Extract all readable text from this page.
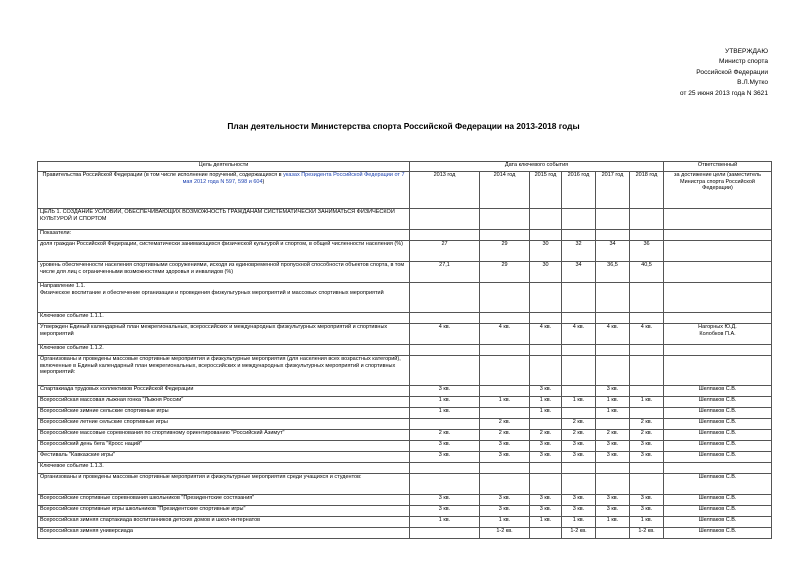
УТВЕРЖДАЮ
Министр спорта
Российской Федерации
В.Л.Мутко
от 25 июня 2013 года N 3621
План деятельности Министерства спорта Российской Федерации на 2013-2018 годы
Цель деятельности	Дата ключевого события						Ответственный
Правительства Российской Федерации (в том числе исполнение поручений, содержащихся в указах Президента Российской Федерации от 7 мая 2012 года N 597, 598 и 604)	2013 год	2014 год	2015 год	2016 год	2017 год	2018 год	за достижение цели (заместитель Министра спорта Российской Федерации)
ЦЕЛЬ 1. СОЗДАНИЕ УСЛОВИЙ, ОБЕСПЕЧИВАЮЩИХ ВОЗМОЖНОСТЬ ГРАЖДАНАМ СИСТЕМАТИЧЕСКИ ЗАНИМАТЬСЯ ФИЗИЧЕСКОЙ КУЛЬТУРОЙ И СПОРТОМ							
Показатели:							
доля граждан Российской Федерации, систематически занимающихся физической культурой и спортом, в общей численности населения (%)	27	29	30	32	34	36	
уровень обеспеченности населения спортивными сооружениями, исходя из единовременной пропускной способности объектов спорта, в том числе для лиц с ограниченными возможностями здоровья и инвалидов (%)	27,1	29	30	34	36,5	40,5	
Направление 1.1.
Физическое воспитание и обеспечение организации и проведения физкультурных мероприятий и массовых спортивных мероприятий							
Ключевое событие 1.1.1.							
Утвержден Единый календарный план межрегиональных, всероссийских и международных физкультурных мероприятий и спортивных мероприятий	4 кв.	4 кв.	4 кв.	4 кв.	4 кв.	4 кв.	Нагорных Ю.Д.
Колобков П.А.
Ключевое событие 1.1.2.							
Организованы и проведены массовые спортивные мероприятия и физкультурные мероприятия (для населения всех возрастных категорий), включенные в Единый календарный план межрегиональных, всероссийских и международных физкультурных мероприятий и спортивных мероприятий:							
Спартакиада трудовых коллективов Российской Федерации	3 кв.		3 кв.		3 кв.		Шелпаков С.В.
Всероссийская массовая лыжная гонка "Лыжня России"	1 кв.	1 кв.	1 кв.	1 кв.	1 кв.	1 кв.	Шелпаков С.В.
Всероссийские зимние сельские спортивные игры	1 кв.		1 кв.		1 кв.		Шелпаков С.В.
Всероссийские летние сельские спортивные игры		2 кв.		2 кв.		2 кв.	Шелпаков С.В.
Всероссийские массовые соревнования по спортивному ориентированию "Российский Азимут"	2 кв.	2 кв.	2 кв.	2 кв.	2 кв.	2 кв.	Шелпаков С.В.
Всероссийский день бега "Кросс наций"	3 кв.	3 кв.	3 кв.	3 кв.	3 кв.	3 кв.	Шелпаков С.В.
Фестиваль "Кавказские игры"	3 кв.	3 кв.	3 кв.	3 кв.	3 кв.	3 кв.	Шелпаков С.В.
Ключевое событие 1.1.3.							
Организованы и проведены массовые спортивные мероприятия и физкультурные мероприятия среди учащихся и студентов:							Шелпаков С.В.
Всероссийские спортивные соревнования школьников "Президентские состязания"	3 кв.	3 кв.	3 кв.	3 кв.	3 кв.	3 кв.	Шелпаков С.В.
Всероссийские спортивные игры школьников "Президентские спортивные игры"	3 кв.	3 кв.	3 кв.	3 кв.	3 кв.	3 кв.	Шелпаков С.В.
Всероссийская зимняя спартакиада воспитанников детских домов и школ-интернатов	1 кв.	1 кв.	1 кв.	1 кв.	1 кв.	1 кв.	Шелпаков С.В.
Всероссийская зимняя универсиада		1-2 кв.		1-2 кв.		1-2 кв.	Шелпаков С.В.
